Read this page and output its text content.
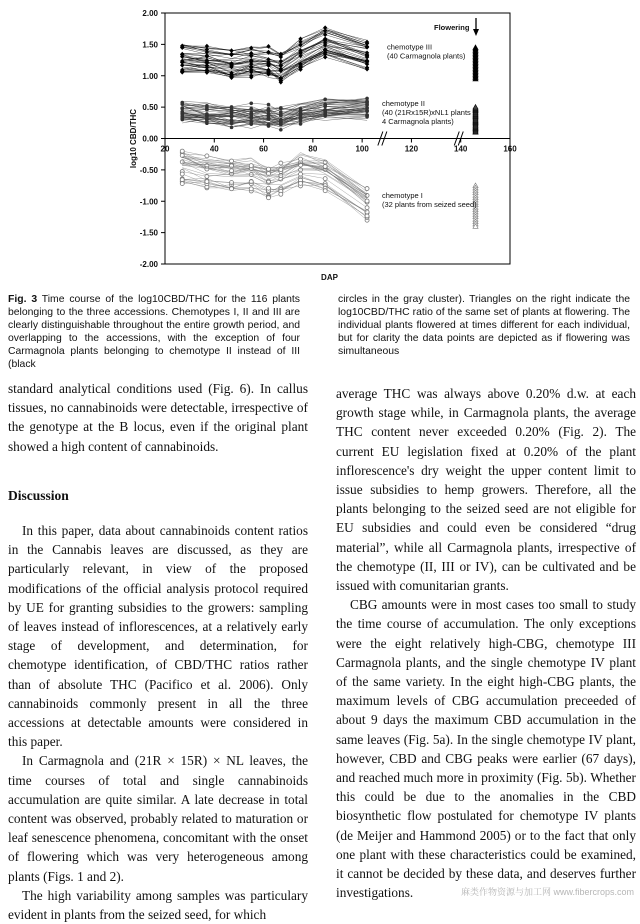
2.00
1.50
1.00
0.50
0.00
-0.50
-1.00
-1.50
-2.00
20	40	60	80	100	120	140	160
DAP
log10 CBD/THC
chemotype III
(40 Carmagnola plants)
chemotype II
(40 (21Rx15R)xNL1 plants
4 Carmagnola plants)
chemotype I
(32 plants from seized seed)
Flowering
Fig. 3 Time course of the log10CBD/THC for the 116 plants belonging to the three accessions. Chemotypes I, II and III are clearly distinguishable throughout the entire growth period, and overlapping to the accessions, with the exception of four Carmagnola plants belonging to chemotype II instead of III (black
circles in the gray cluster). Triangles on the right indicate the log10CBD/THC ratio of the same set of plants at flowering. The individual plants flowered at times different for each individual, but for clarity the data points are depicted as if flowering was simultaneous

standard analytical conditions used (Fig. 6). In callus tissues, no cannabinoids were detectable, irrespective of the genotype at the B locus, even if the original plant showed a high content of cannabinoids.

Discussion

In this paper, data about cannabinoids content ratios in the Cannabis leaves are discussed, as they are particularly relevant, in view of the proposed modifications of the official analysis protocol required by UE for granting subsidies to the growers: sampling of leaves instead of inflorescences, at a relatively early stage of development, and determination, for chemotype identification, of CBD/THC ratios rather than of absolute THC (Pacifico et al. 2006). Only cannabinoids commonly present in all the three accessions at detectable amounts were considered in this paper.

In Carmagnola and (21R × 15R) × NL leaves, the time courses of total and single cannabinoids accumulation are quite similar. A late decrease in total content was observed, probably related to maturation or leaf senescence phenomena, concomitant with the onset of flowering which was very heterogeneous among plants (Figs. 1 and 2).

The high variability among samples was particulary evident in plants from the seized seed, for which

average THC was always above 0.20% d.w. at each growth stage while, in Carmagnola plants, the average THC content never exceeded 0.20% (Fig. 2). The current EU legislation fixed at 0.20% of the plant inflorescence's dry weight the upper content limit to issue subsidies to hemp growers. Therefore, all the plants belonging to the seized seed are not eligible for EU subsidies and could even be considered “drug material”, while all Carmagnola plants, irrespective of the chemotype (II, III or IV), can be cultivated and be issued with comunitarian grants.

CBG amounts were in most cases too small to study the time course of accumulation. The only exceptions were the eight relatively high-CBG, chemotype III Carmagnola plants, and the single chemotype IV plant of the same variety. In the eight high-CBG plants, the maximum levels of CBG accumulation preceeded of about 9 days the maximum CBD accumulation in the same leaves (Fig. 5a). In the single chemotype IV plant, however, CBD and CBG peaks were earlier (67 days), and reached much more in proximity (Fig. 5b). Whether this could be due to the anomalies in the CBD biosynthetic flow postulated for chemotype IV plants (de Meijer and Hammond 2005) or to the fact that only one plant with these characteristics could be examined, it cannot be decided by these data, and deserves further investigations.	麻类作物资源与加工网 www.fibercrops.com
